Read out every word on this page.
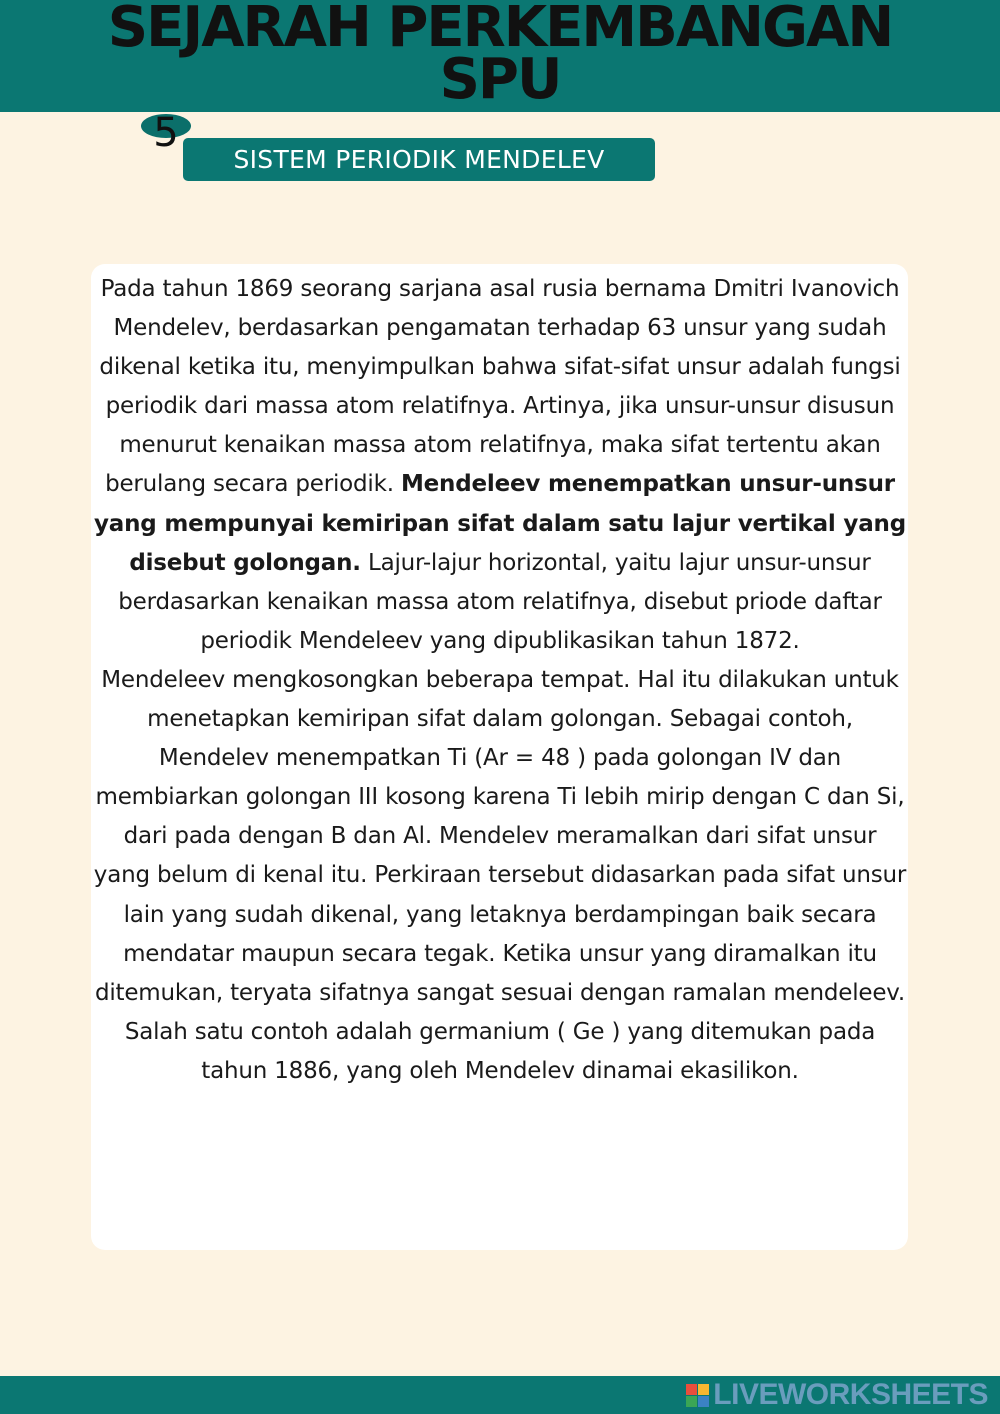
SEJARAH PERKEMBANGAN
SPU
5
SISTEM PERIODIK MENDELEV
Pada tahun 1869 seorang sarjana asal rusia bernama Dmitri Ivanovich Mendelev, berdasarkan pengamatan terhadap 63 unsur yang sudah dikenal ketika itu, menyimpulkan bahwa sifat-sifat unsur adalah fungsi periodik dari massa atom relatifnya. Artinya, jika unsur-unsur disusun menurut kenaikan massa atom relatifnya, maka sifat tertentu akan berulang secara periodik. Mendeleev menempatkan unsur-unsur yang mempunyai kemiripan sifat dalam satu lajur vertikal yang disebut golongan. Lajur-lajur horizontal, yaitu lajur unsur-unsur berdasarkan kenaikan massa atom relatifnya, disebut priode daftar periodik Mendeleev yang dipublikasikan tahun 1872.
Mendeleev mengkosongkan beberapa tempat. Hal itu dilakukan untuk menetapkan kemiripan sifat dalam golongan. Sebagai contoh, Mendelev menempatkan Ti (Ar = 48 ) pada golongan IV dan membiarkan golongan III kosong karena Ti lebih mirip dengan C dan Si, dari pada dengan B dan Al. Mendelev meramalkan dari sifat unsur yang belum di kenal itu. Perkiraan tersebut didasarkan pada sifat unsur lain yang sudah dikenal, yang letaknya berdampingan baik secara mendatar maupun secara tegak. Ketika unsur yang diramalkan itu ditemukan, teryata sifatnya sangat sesuai dengan ramalan mendeleev. Salah satu contoh adalah germanium ( Ge ) yang ditemukan pada tahun 1886, yang oleh Mendelev dinamai ekasilikon.
LIVEWORKSHEETS
